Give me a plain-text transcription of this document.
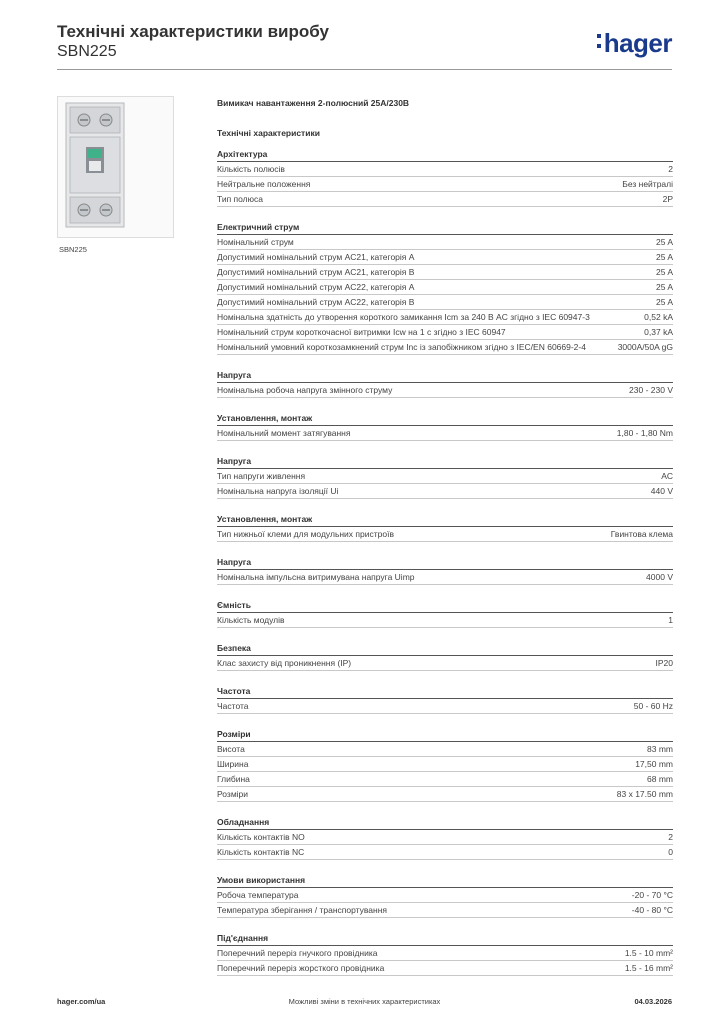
Технічні характеристики виробу
SBN225	hager
SBN225
Вимикач навантаження 2-полюсний 25А/230В
Технічні характеристики
Архітектура
Кількість полюсів	2
Нейтральне положення	Без нейтралі
Тип полюса	2P
Електричний струм
Номінальний струм	25 A
Допустимий номінальний струм AC21, категорія A	25 A
Допустимий номінальний струм AC21, категорія B	25 A
Допустимий номінальний струм AC22, категорія A	25 A
Допустимий номінальний струм AC22, категорія B	25 A
Номінальна здатність до утворення короткого замикання Icm за 240 В AC згідно з IEC 60947-3	0,52 kA
Номінальний струм короткочасної витримки Icw на 1 с згідно з IEC 60947	0,37 kA
Номінальний умовний короткозамкнений струм Inc із запобіжником згідно з IEC/EN 60669-2-4	3000A/50A gG
Напруга
Номінальна робоча напруга змінного струму	230 - 230 V
Установлення, монтаж
Номінальний момент затягування	1,80 - 1,80 Nm
Напруга
Тип напруги живлення	AC
Номінальна напруга ізоляції Ui	440 V
Установлення, монтаж
Тип нижньої клеми для модульних пристроїв	Гвинтова клема
Напруга
Номінальна імпульсна витримувана напруга Uimp	4000 V
Ємність
Кількість модулів	1
Безпека
Клас захисту від проникнення (IP)	IP20
Частота
Частота	50 - 60 Hz
Розміри
Висота	83 mm
Ширина	17,50 mm
Глибина	68 mm
Розміри	83 x 17.50 mm
Обладнання
Кількість контактів NO	2
Кількість контактів NC	0
Умови використання
Робоча температура	-20 - 70 °C
Температура зберігання / транспортування	-40 - 80 °C
Під'єднання
Поперечний переріз гнучкого провідника	1.5 - 10 mm²
Поперечний переріз жорсткого провідника	1.5 - 16 mm²
hager.com/ua	Можливі зміни в технічних характеристиках	04.03.2026
